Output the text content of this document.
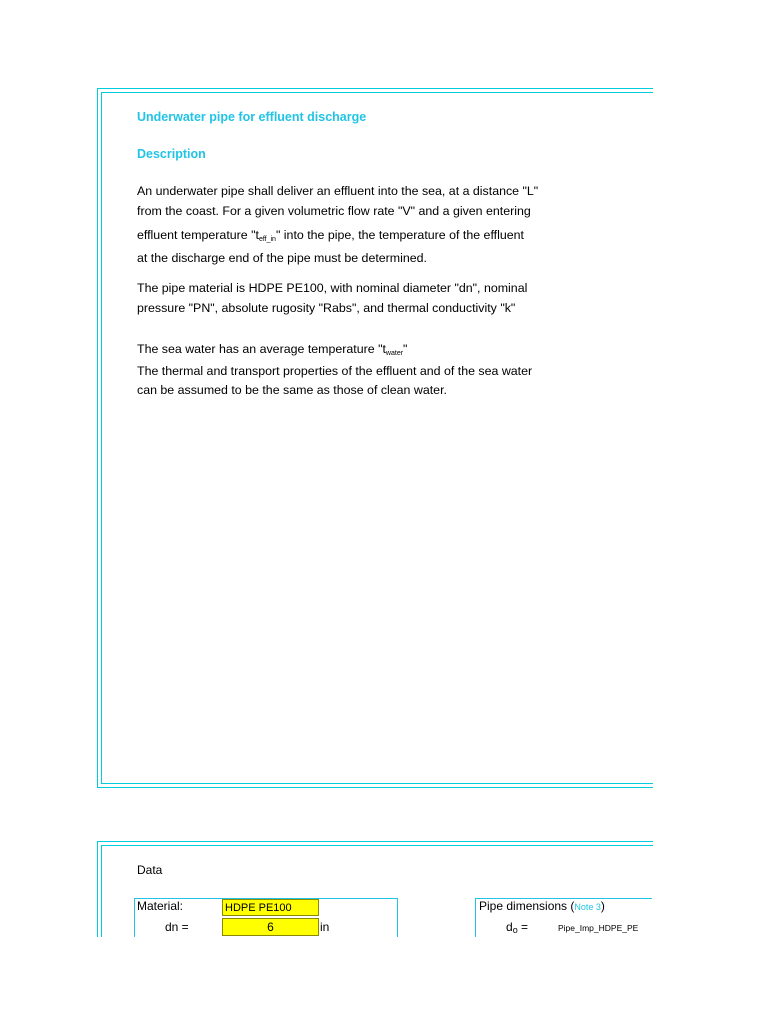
Underwater pipe for effluent discharge
Description
An underwater pipe shall deliver an effluent into the sea, at a distance "L"
from the coast. For a given volumetric flow rate "V" and a given entering
effluent temperature "$t_{eff\_in}$" into the pipe, the temperature of the effluent
at the discharge end of the pipe must be determined.
The pipe material is HDPE PE100, with nominal diameter "dn", nominal
pressure "PN", absolute rugosity "Rabs", and thermal conductivity "k"
The sea water has an average temperature "$t_{water}$"
The thermal and transport properties of the effluent and of the sea water
can be assumed to be the same as those of clean water.
Data
Material:	HDPE PE100
dn =	6	in
Pipe dimensions (Note 3)
$d_o$ =	Pipe_Imp_HDPE_PE
